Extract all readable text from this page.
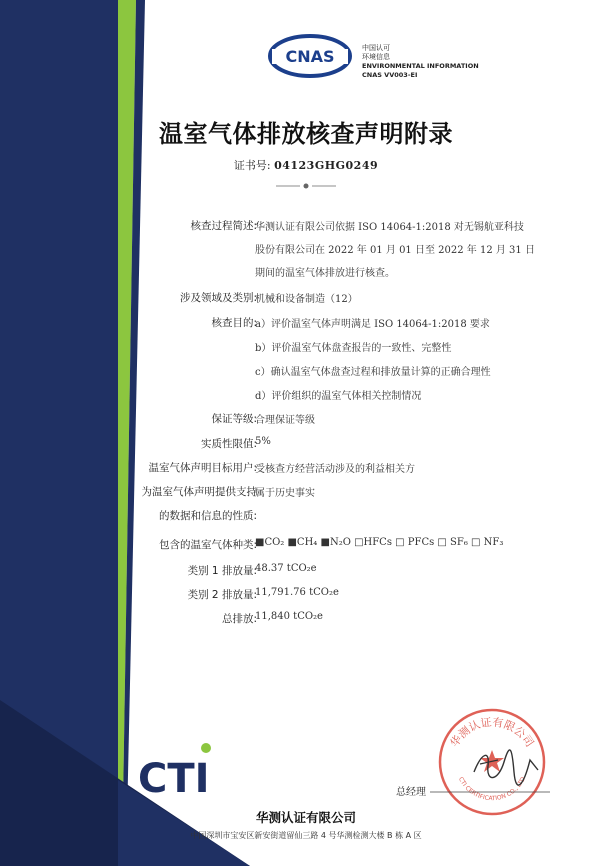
CNAS	中国认可
环境信息
ENVIRONMENTAL INFORMATION
CNAS VV003-EI
温室气体排放核查声明附录
证书号: 04123GHG0249
核查过程简述:
华测认证有限公司依据 ISO 14064-1:2018 对无锡航亚科技
股份有限公司在 2022 年 01 月 01 日至 2022 年 12 月 31 日
期间的温室气体排放进行核查。
涉及领域及类别:
机械和设备制造（12）
核查目的:
a）评价温室气体声明满足 ISO 14064-1:2018 要求
b）评价温室气体盘查报告的一致性、完整性
c）确认温室气体盘查过程和排放量计算的正确合理性
d）评价组织的温室气体相关控制情况
保证等级:
合理保证等级
实质性限值:
5%
温室气体声明目标用户:
受核查方经营活动涉及的利益相关方
为温室气体声明提供支持
属于历史事实
的数据和信息的性质:
包含的温室气体种类:
■CO₂ ■CH₄ ■N₂O □HFCs □ PFCs □ SF₆ □ NF₃
类别 1 排放量:
48.37 tCO₂e
类别 2 排放量:
11,791.76 tCO₂e
总排放:
11,840 tCO₂e
CTI
华测认证有限公司
CTI CERTIFICATION CO., LTD
总经理
华测认证有限公司
中国深圳市宝安区新安街道留仙三路 4 号华测检测大楼 B 栋 A 区
